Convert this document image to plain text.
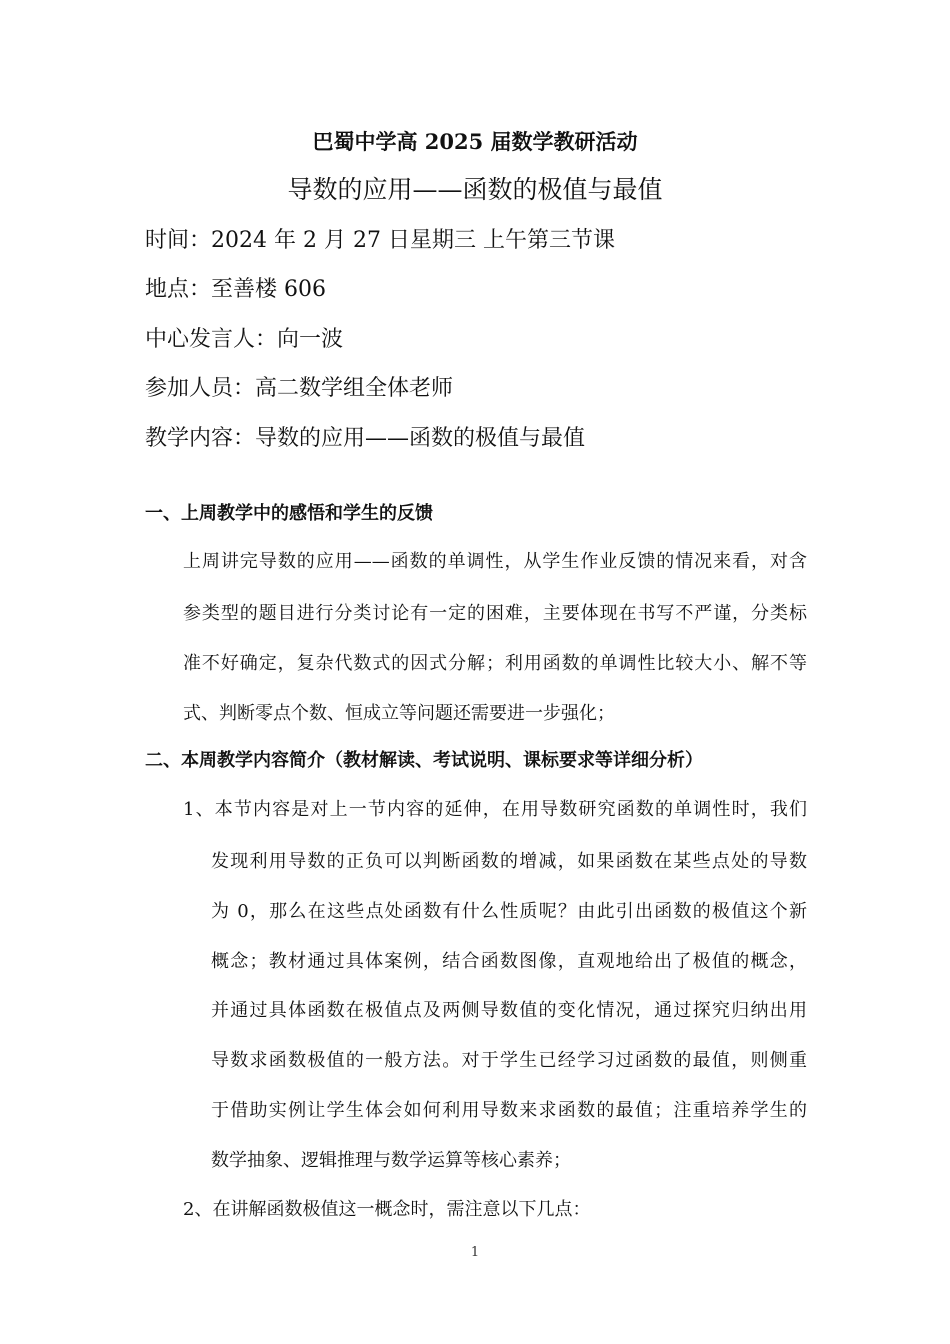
巴蜀中学高 2025 届数学教研活动
导数的应用——函数的极值与最值
时间：2024 年 2 月 27 日星期三 上午第三节课
地点：至善楼 606
中心发言人：向一波
参加人员：高二数学组全体老师
教学内容：导数的应用——函数的极值与最值
一、上周教学中的感悟和学生的反馈
上周讲完导数的应用——函数的单调性，从学生作业反馈的情况来看，对含
参类型的题目进行分类讨论有一定的困难，主要体现在书写不严谨，分类标
准不好确定，复杂代数式的因式分解；利用函数的单调性比较大小、解不等
式、判断零点个数、恒成立等问题还需要进一步强化；
二、本周教学内容简介（教材解读、考试说明、课标要求等详细分析）
1、本节内容是对上一节内容的延伸，在用导数研究函数的单调性时，我们
发现利用导数的正负可以判断函数的增减，如果函数在某些点处的导数
为 0，那么在这些点处函数有什么性质呢？由此引出函数的极值这个新
概念；教材通过具体案例，结合函数图像，直观地给出了极值的概念，
并通过具体函数在极值点及两侧导数值的变化情况，通过探究归纳出用
导数求函数极值的一般方法。对于学生已经学习过函数的最值，则侧重
于借助实例让学生体会如何利用导数来求函数的最值；注重培养学生的
数学抽象、逻辑推理与数学运算等核心素养；
2、在讲解函数极值这一概念时，需注意以下几点：
1
